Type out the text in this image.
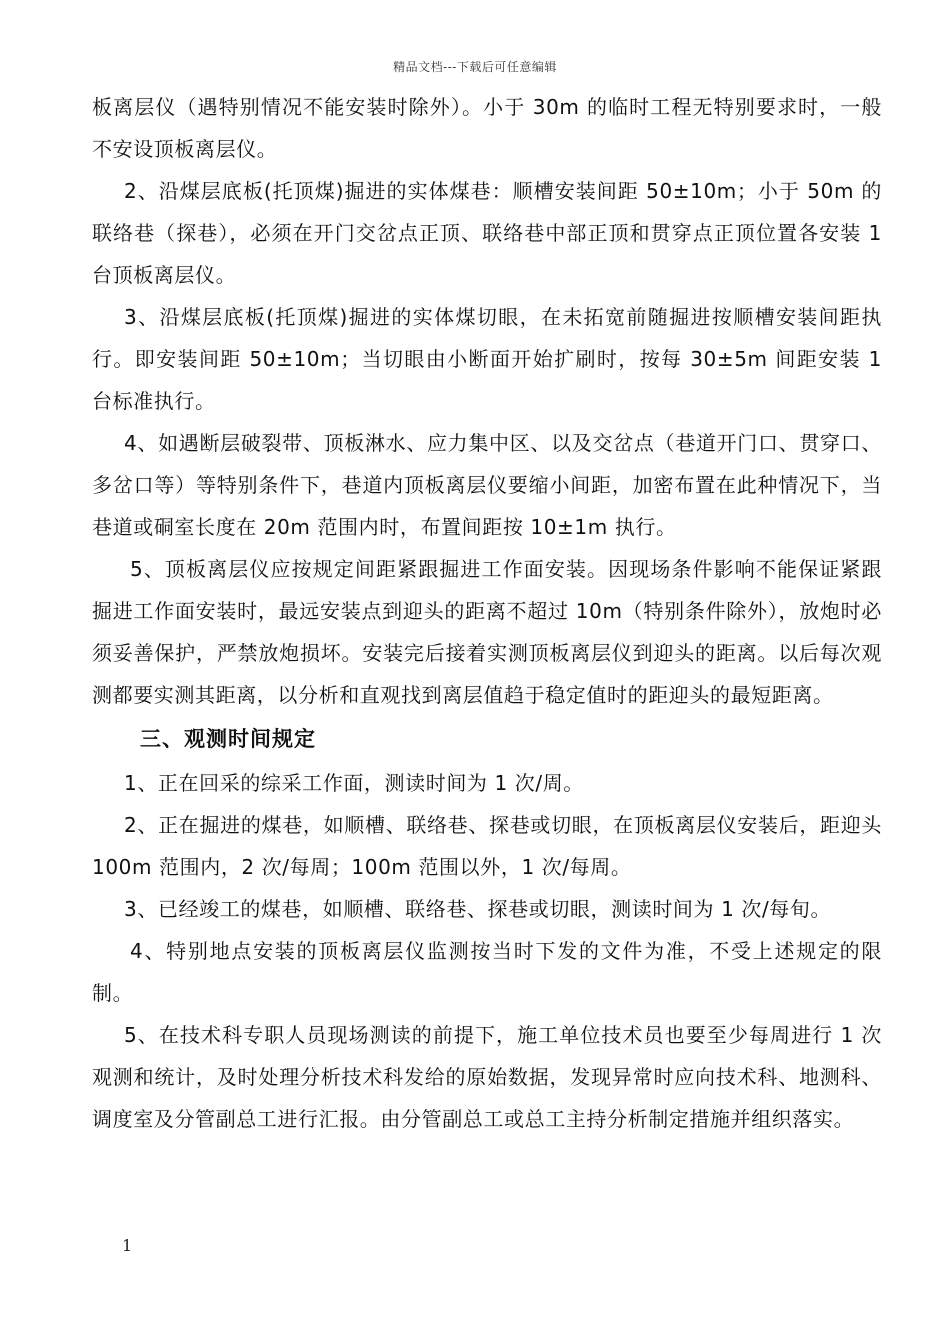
精品文档---下载后可任意编辑

板离层仪（遇特别情况不能安装时除外）。小于 30m 的临时工程无特别要求时，一般不安设顶板离层仪。

2、沿煤层底板(托顶煤)掘进的实体煤巷：顺槽安装间距 50±10m；小于 50m 的联络巷（探巷），必须在开门交岔点正顶、联络巷中部正顶和贯穿点正顶位置各安装 1 台顶板离层仪。

3、沿煤层底板(托顶煤)掘进的实体煤切眼，在未拓宽前随掘进按顺槽安装间距执行。即安装间距 50±10m；当切眼由小断面开始扩刷时，按每 30±5m 间距安装 1 台标准执行。

4、如遇断层破裂带、顶板淋水、应力集中区、以及交岔点（巷道开门口、贯穿口、多岔口等）等特别条件下，巷道内顶板离层仪要缩小间距，加密布置在此种情况下，当巷道或硐室长度在 20m 范围内时，布置间距按 10±1m 执行。

5、顶板离层仪应按规定间距紧跟掘进工作面安装。因现场条件影响不能保证紧跟掘进工作面安装时，最远安装点到迎头的距离不超过 10m（特别条件除外），放炮时必须妥善保护，严禁放炮损坏。安装完后接着实测顶板离层仪到迎头的距离。以后每次观测都要实测其距离，以分析和直观找到离层值趋于稳定值时的距迎头的最短距离。

三、观测时间规定

1、正在回采的综采工作面，测读时间为 1 次/周。

2、正在掘进的煤巷，如顺槽、联络巷、探巷或切眼，在顶板离层仪安装后，距迎头 100m 范围内，2 次/每周；100m 范围以外，1 次/每周。

3、已经竣工的煤巷，如顺槽、联络巷、探巷或切眼，测读时间为 1 次/每旬。

4、特别地点安装的顶板离层仪监测按当时下发的文件为准，不受上述规定的限制。

5、在技术科专职人员现场测读的前提下，施工单位技术员也要至少每周进行 1 次观测和统计，及时处理分析技术科发给的原始数据，发现异常时应向技术科、地测科、调度室及分管副总工进行汇报。由分管副总工或总工主持分析制定措施并组织落实。

1
